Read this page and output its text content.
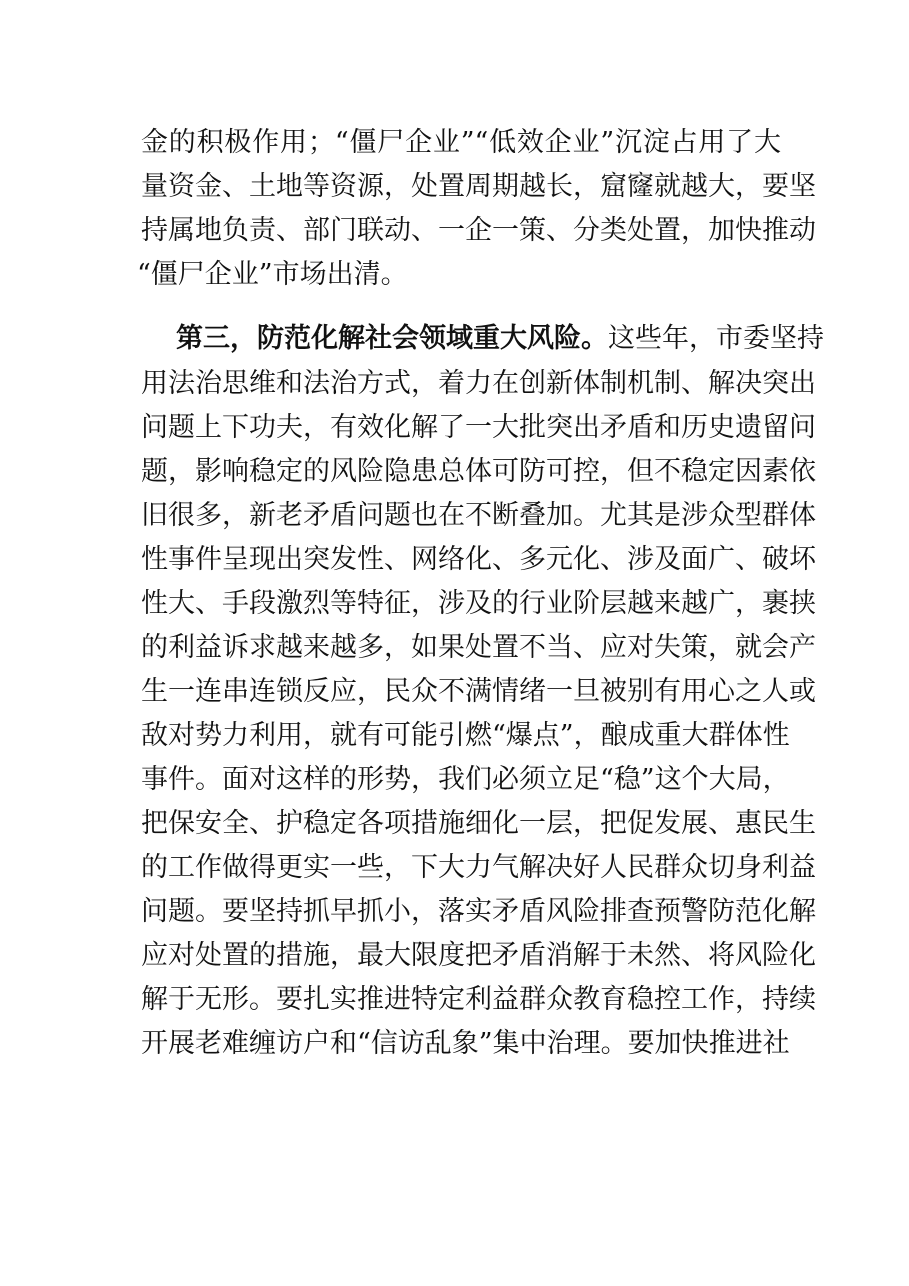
金的积极作用；“僵尸企业”“低效企业”沉淀占用了大
量资金、土地等资源，处置周期越长，窟窿就越大，要坚
持属地负责、部门联动、一企一策、分类处置，加快推动
“僵尸企业”市场出清。
第三，防范化解社会领域重大风险。这些年，市委坚持
用法治思维和法治方式，着力在创新体制机制、解决突出
问题上下功夫，有效化解了一大批突出矛盾和历史遗留问
题，影响稳定的风险隐患总体可防可控，但不稳定因素依
旧很多，新老矛盾问题也在不断叠加。尤其是涉众型群体
性事件呈现出突发性、网络化、多元化、涉及面广、破坏
性大、手段激烈等特征，涉及的行业阶层越来越广，裹挟
的利益诉求越来越多，如果处置不当、应对失策，就会产
生一连串连锁反应，民众不满情绪一旦被别有用心之人或
敌对势力利用，就有可能引燃“爆点”，酿成重大群体性
事件。面对这样的形势，我们必须立足“稳”这个大局，
把保安全、护稳定各项措施细化一层，把促发展、惠民生
的工作做得更实一些，下大力气解决好人民群众切身利益
问题。要坚持抓早抓小，落实矛盾风险排查预警防范化解
应对处置的措施，最大限度把矛盾消解于未然、将风险化
解于无形。要扎实推进特定利益群众教育稳控工作，持续
开展老难缠访户和“信访乱象”集中治理。要加快推进社
